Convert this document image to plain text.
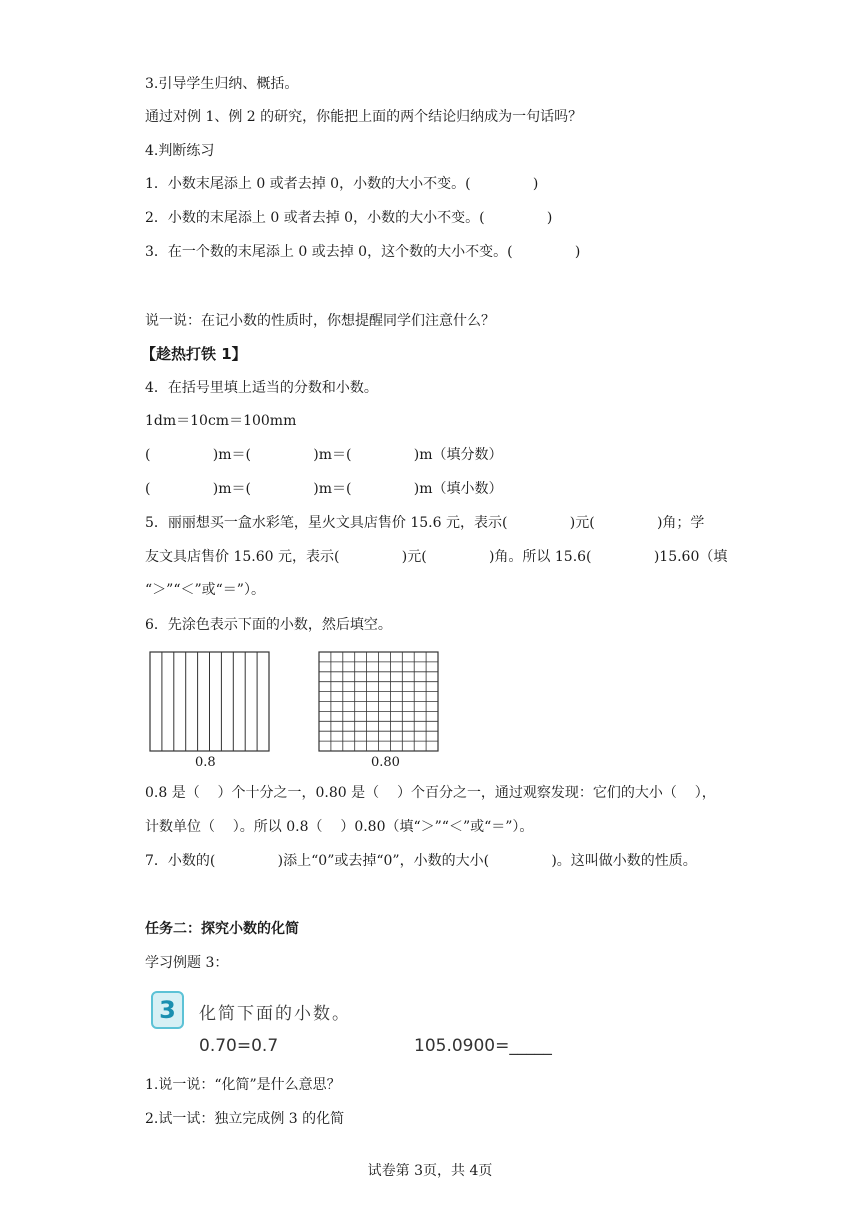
3.引导学生归纳、概括。
通过对例 1、例 2 的研究，你能把上面的两个结论归纳成为一句话吗？
4.判断练习
1．小数末尾添上 0 或者去掉 0，小数的大小不变。(              )
2．小数的末尾添上 0 或者去掉 0，小数的大小不变。(              )
3．在一个数的末尾添上 0 或去掉 0，这个数的大小不变。(              )
说一说：在记小数的性质时，你想提醒同学们注意什么？
【趁热打铁 1】
4．在括号里填上适当的分数和小数。
1dm＝10cm＝100mm
(              )m＝(              )m＝(              )m（填分数）
(              )m＝(              )m＝(              )m（填小数）
5．丽丽想买一盒水彩笔，星火文具店售价 15.6 元，表示(              )元(              )角；学
友文具店售价 15.60 元，表示(              )元(              )角。所以 15.6(              )15.60（填
“＞”“＜”或“＝”）。
6．先涂色表示下面的小数，然后填空。
0.8	0.80
0.8 是（    ）个十分之一，0.80 是（    ）个百分之一，通过观察发现：它们的大小（    ），
计数单位（    ）。所以 0.8（    ）0.80（填“＞”“＜”或“＝”）。
7．小数的(              )添上“0”或去掉“0”，小数的大小(              )。这叫做小数的性质。
任务二：探究小数的化简
学习例题 3：
3	化简下面的小数。
0.70=0.7	105.0900=_____
1.说一说：“化简”是什么意思？
2.试一试：独立完成例 3 的化简
试卷第 3页，共 4页
